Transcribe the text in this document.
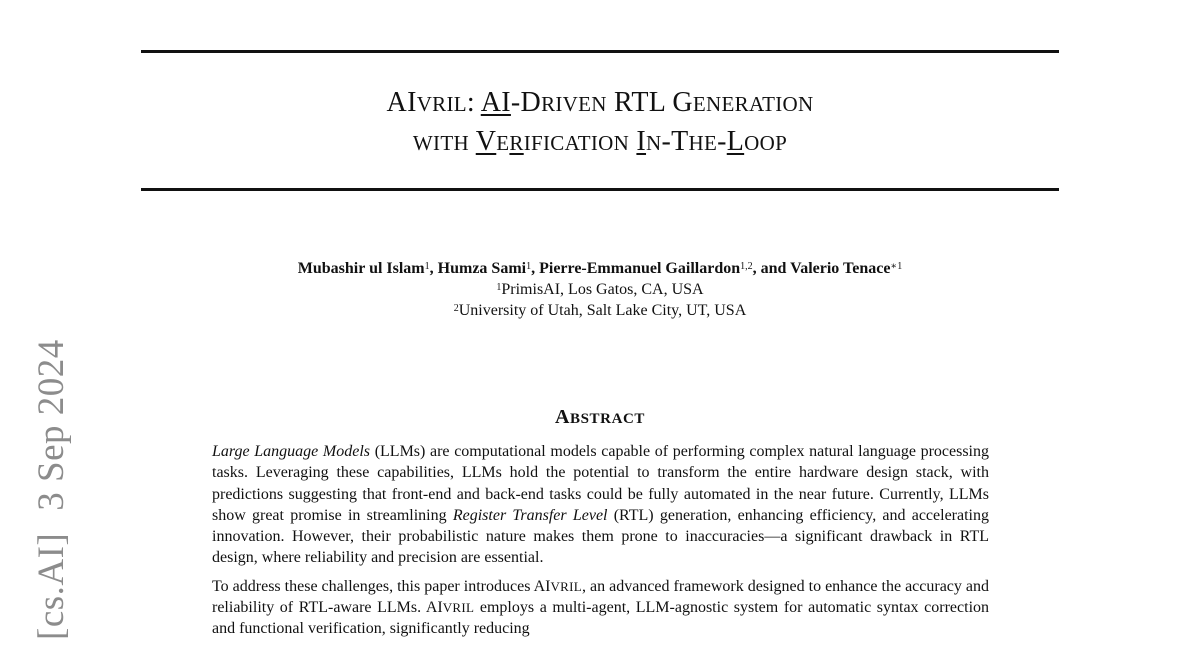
AIVRIL: AI-DRIVEN RTL GENERATION
WITH VERIFICATION IN-THE-LOOP
Mubashir ul Islam$^1$, Humza Sami$^1$, Pierre-Emmanuel Gaillardon$^{1,2}$, and Valerio Tenace$^{∗1}$
$^1$PrimisAI, Los Gatos, CA, USA
$^2$University of Utah, Salt Lake City, UT, USA
[cs.AI]3 Sep 2024	ABSTRACT

Large Language Models (LLMs) are computational models capable of performing complex natural language processing tasks. Leveraging these capabilities, LLMs hold the potential to transform the entire hardware design stack, with predictions suggesting that front-end and back-end tasks could be fully automated in the near future. Currently, LLMs show great promise in streamlining Register Transfer Level (RTL) generation, enhancing efficiency, and accelerating innovation. However, their probabilistic nature makes them prone to inaccuracies—a significant drawback in RTL design, where reliability and precision are essential.

To address these challenges, this paper introduces AIVRIL, an advanced framework designed to enhance the accuracy and reliability of RTL-aware LLMs. AIVRIL employs a multi-agent, LLM-agnostic system for automatic syntax correction and functional verification, significantly reducing
